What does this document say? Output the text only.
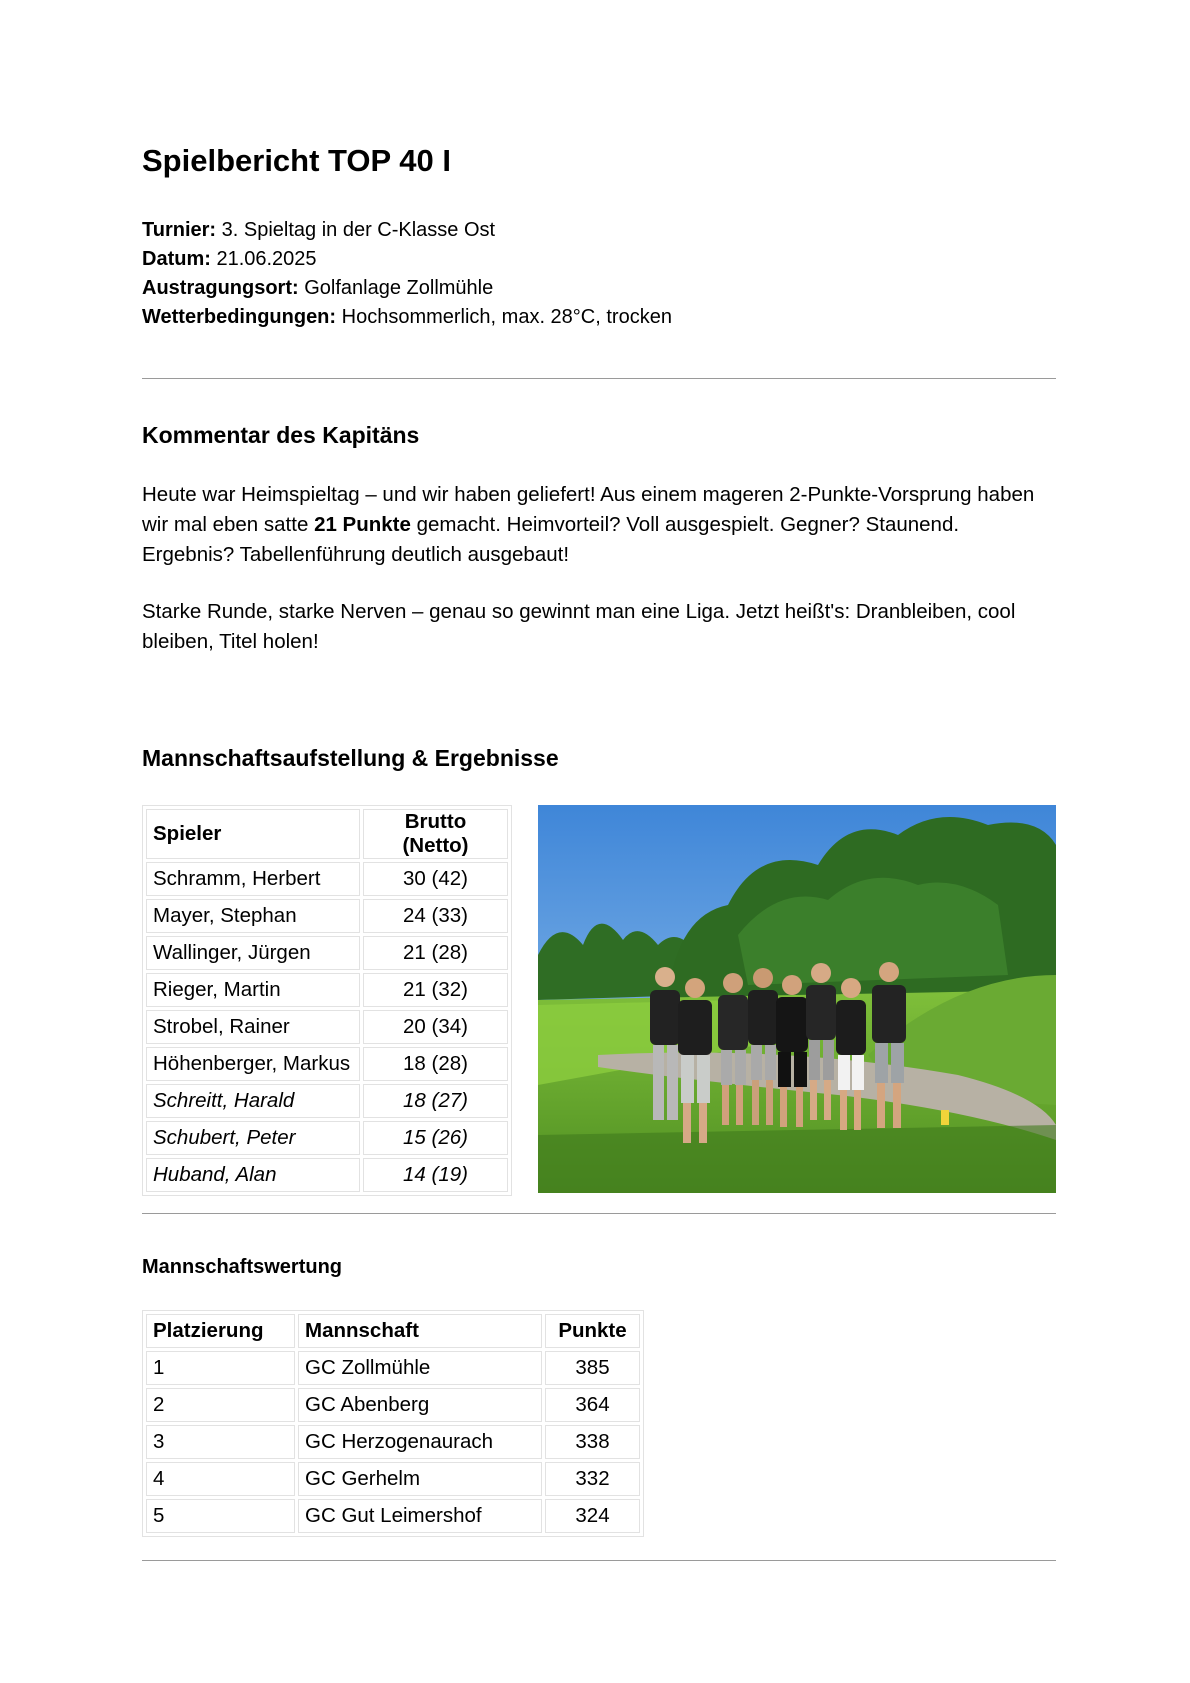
Spielbericht TOP 40 I
Turnier: 3. Spieltag in der C-Klasse Ost
Datum: 21.06.2025
Austragungsort: Golfanlage Zollmühle
Wetterbedingungen: Hochsommerlich, max. 28°C, trocken
Kommentar des Kapitäns

Heute war Heimspieltag – und wir haben geliefert! Aus einem mageren 2-Punkte-Vorsprung haben wir mal eben satte 21 Punkte gemacht. Heimvorteil? Voll ausgespielt. Gegner? Staunend. Ergebnis? Tabellenführung deutlich ausgebaut!

Starke Runde, starke Nerven – genau so gewinnt man eine Liga. Jetzt heißt's: Dranbleiben, cool bleiben, Titel holen!

Mannschaftsaufstellung & Ergebnisse
Spieler	Brutto (Netto)
Schramm, Herbert	30 (42)
Mayer, Stephan	24 (33)
Wallinger, Jürgen	21 (28)
Rieger, Martin	21 (32)
Strobel, Rainer	20 (34)
Höhenberger, Markus	18 (28)
Schreitt, Harald	18 (27)
Schubert, Peter	15 (26)
Huband, Alan	14 (19)
Mannschaftswertung
Platzierung	Mannschaft	Punkte
1	GC Zollmühle	385
2	GC Abenberg	364
3	GC Herzogenaurach	338
4	GC Gerhelm	332
5	GC Gut Leimershof	324
